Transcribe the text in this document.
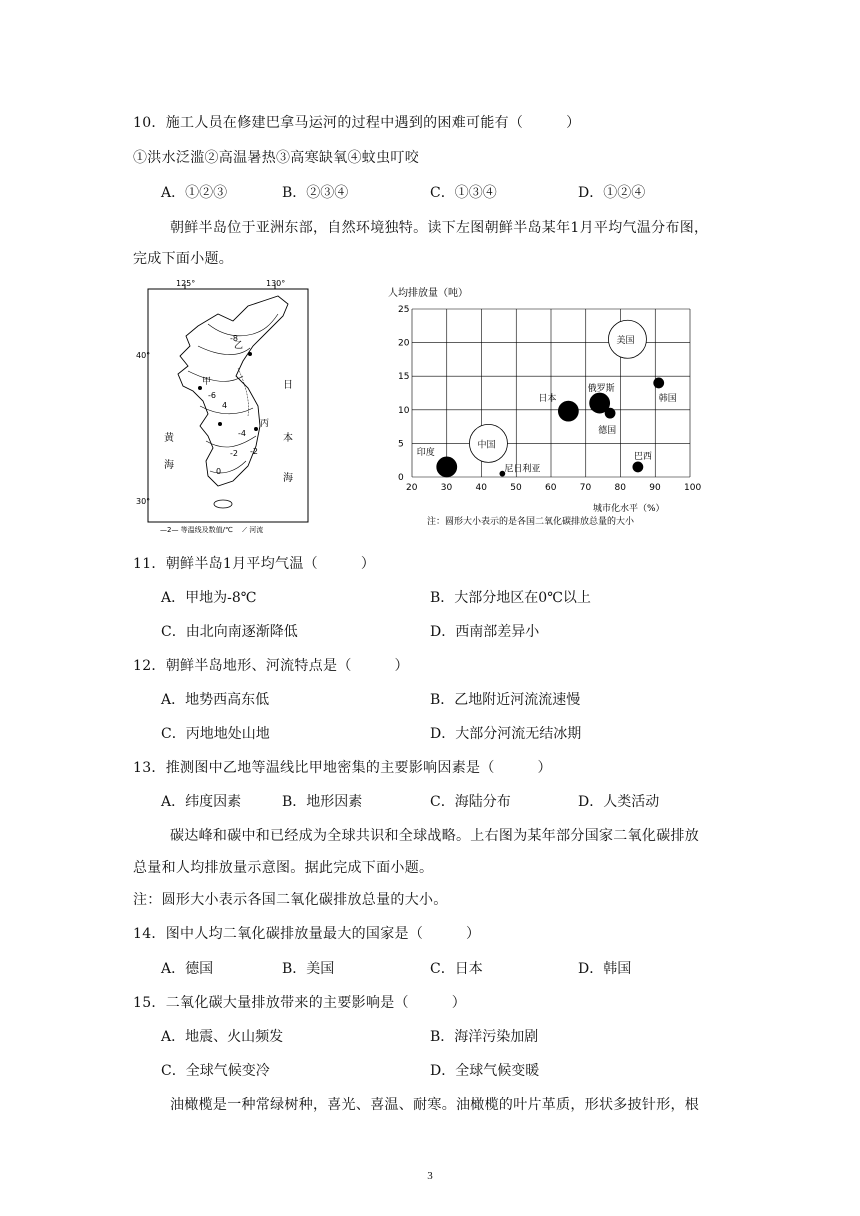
10．施工人员在修建巴拿马运河的过程中遇到的困难可能有（　　　）
①洪水泛滥②高温暑热③高寒缺氧④蚊虫叮咬
A．①②③	B．②③④	C．①③④	D．①②④
朝鲜半岛位于亚洲东部，自然环境独特。读下左图朝鲜半岛某年1月平均气温分布图，
完成下面小题。
125°	130°
40°
30°
甲
乙
丙
日
本
海
黄
海
-8
-6
-4
-2
0
4
-2
—2— 等温线及数值/℃　 ⟋ 河流
人均排放量（吨）
20	30	40	50	60	70	80	90	100
0
5
10
15
20
25
美国
中国
俄罗斯
日本
德国
韩国
印度
尼日利亚
巴西
城市化水平（%）
注：圆形大小表示的是各国二氧化碳排放总量的大小
11．朝鲜半岛1月平均气温（　　　）
A．甲地为-8℃	B．大部分地区在0℃以上
C．由北向南逐渐降低	D．西南部差异小
12．朝鲜半岛地形、河流特点是（　　　）
A．地势西高东低	B．乙地附近河流流速慢
C．丙地地处山地	D．大部分河流无结冰期
13．推测图中乙地等温线比甲地密集的主要影响因素是（　　　）
A．纬度因素	B．地形因素	C．海陆分布	D．人类活动
碳达峰和碳中和已经成为全球共识和全球战略。上右图为某年部分国家二氧化碳排放
总量和人均排放量示意图。据此完成下面小题。
注：圆形大小表示各国二氧化碳排放总量的大小。
14．图中人均二氧化碳排放量最大的国家是（　　　）
A．德国	B．美国	C．日本	D．韩国
15．二氧化碳大量排放带来的主要影响是（　　　）
A．地震、火山频发	B．海洋污染加剧
C．全球气候变冷	D．全球气候变暖
油橄榄是一种常绿树种，喜光、喜温、耐寒。油橄榄的叶片革质，形状多披针形，根
3
